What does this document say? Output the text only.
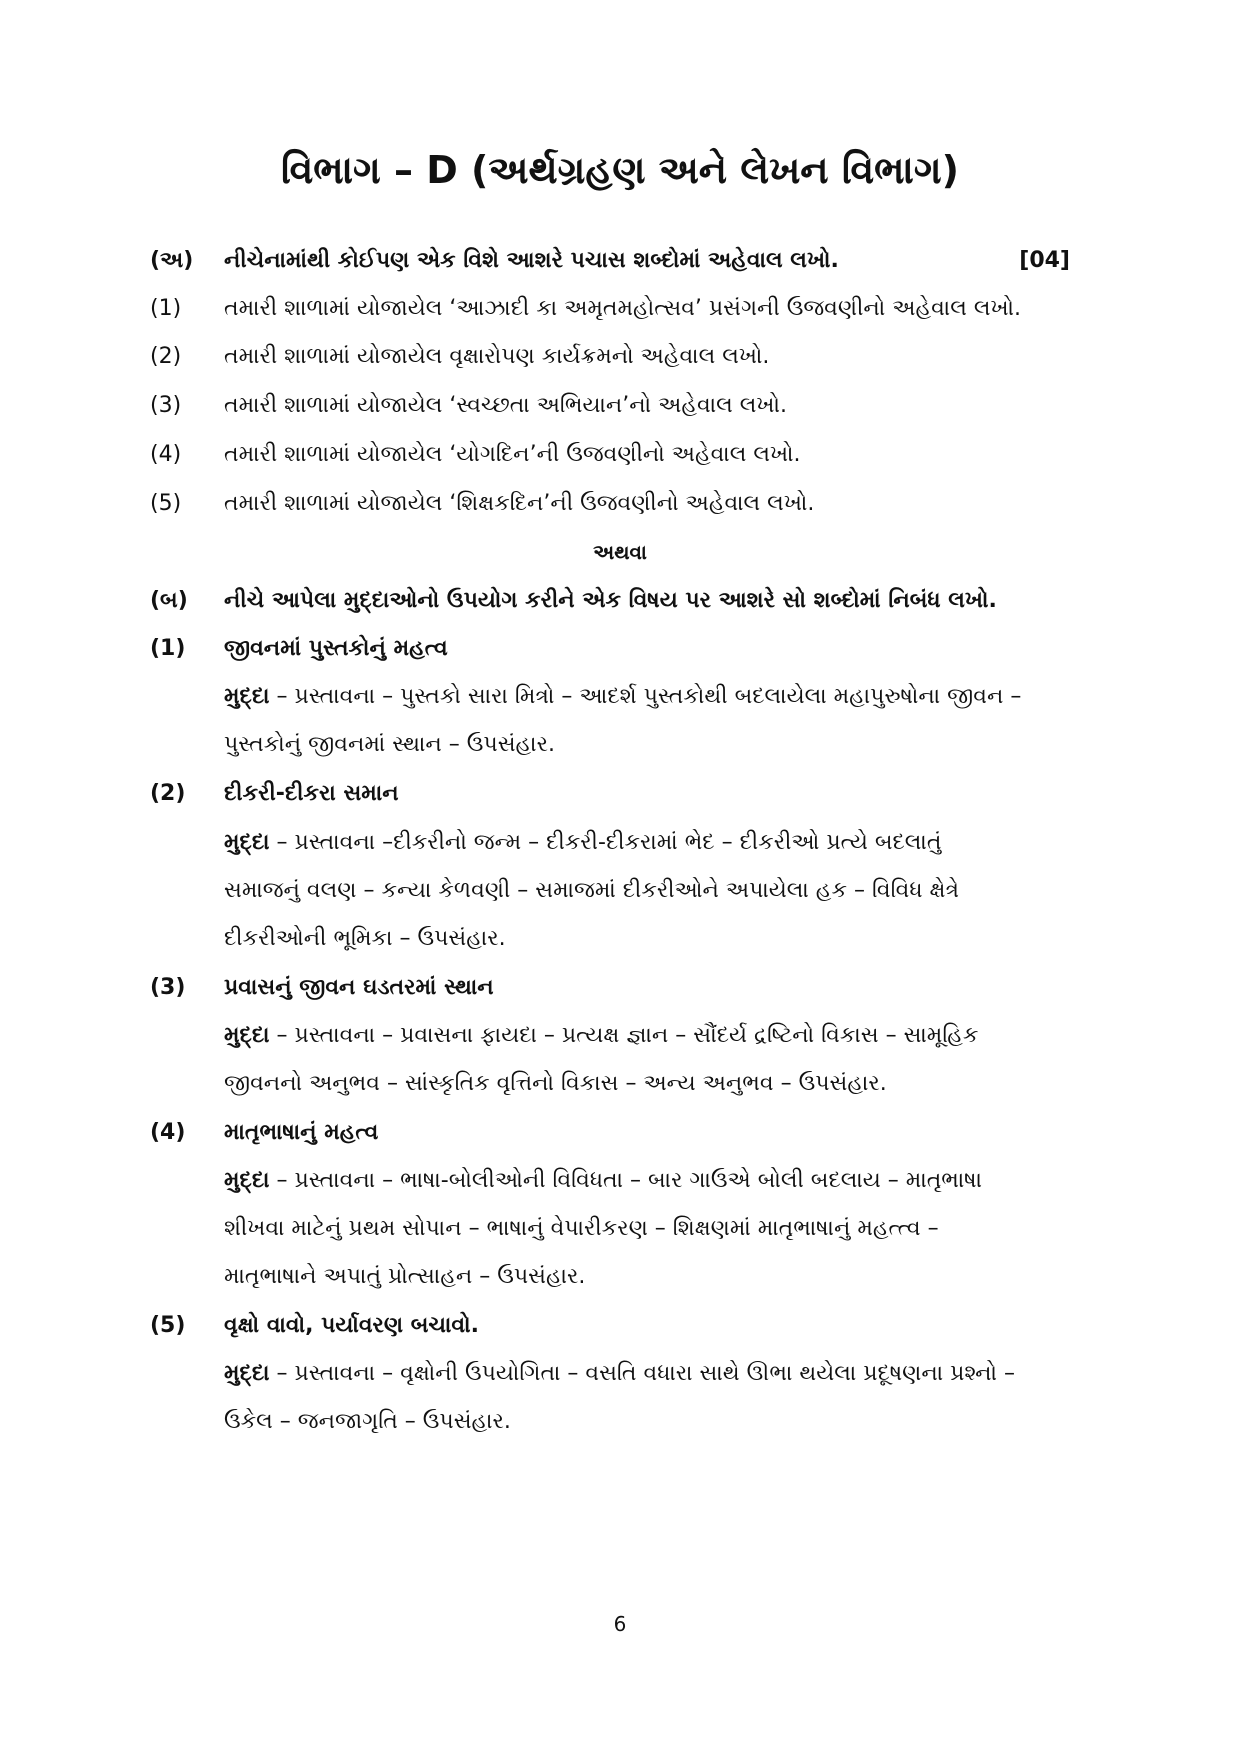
વિભાગ – D (અર્થગ્રહણ અને લેખન વિભાગ)
(અ)	નીચેનામાંથી કોઈપણ એક વિશે આશરે પચાસ શબ્દોમાં અહેવાલ લખો.	[04]
(1)	તમારી શાળામાં યોજાયેલ ‘આઝાદી કા અમૃતમહોત્સવ’ પ્રસંગની ઉજવણીનો અહેવાલ લખો.
(2)	તમારી શાળામાં યોજાયેલ વૃક્ષારોપણ કાર્યક્રમનો અહેવાલ લખો.
(3)	તમારી શાળામાં યોજાયેલ ‘સ્વચ્છતા અભિયાન’નો અહેવાલ લખો.
(4)	તમારી શાળામાં યોજાયેલ ‘યોગદિન’ની ઉજવણીનો અહેવાલ લખો.
(5)	તમારી શાળામાં યોજાયેલ ‘શિક્ષકદિન’ની ઉજવણીનો અહેવાલ લખો.
અથવા
(બ)	નીચે આપેલા મુદ્દાઓનો ઉપયોગ કરીને એક વિષય પર આશરે સો શબ્દોમાં નિબંધ લખો.
(1)	જીવનમાં પુસ્તકોનું મહત્વ
મુદ્દા – પ્રસ્તાવના – પુસ્તકો સારા મિત્રો – આદર્શ પુસ્તકોથી બદલાયેલા મહાપુરુષોના જીવન –
પુસ્તકોનું જીવનમાં સ્થાન – ઉપસંહાર.
(2)	દીકરી-દીકરા સમાન
મુદ્દા – પ્રસ્તાવના –દીકરીનો જન્મ – દીકરી-દીકરામાં ભેદ – દીકરીઓ પ્રત્યે બદલાતું
સમાજનું વલણ – કન્યા કેળવણી – સમાજમાં દીકરીઓને અપાયેલા હક – વિવિધ ક્ષેત્રે
દીકરીઓની ભૂમિકા – ઉપસંહાર.
(3)	પ્રવાસનું જીવન ઘડતરમાં સ્થાન
મુદ્દા – પ્રસ્તાવના – પ્રવાસના ફાયદા – પ્રત્યક્ષ જ્ઞાન – સૌંદર્ય દ્રષ્ટિનો વિકાસ – સામૂહિક
જીવનનો અનુભવ – સાંસ્કૃતિક વૃત્તિનો વિકાસ – અન્ય અનુભવ – ઉપસંહાર.
(4)	માતૃભાષાનું મહત્વ
મુદ્દા – પ્રસ્તાવના – ભાષા-બોલીઓની વિવિધતા – બાર ગાઉએ બોલી બદલાય – માતૃભાષા
શીખવા માટેનું પ્રથમ સોપાન – ભાષાનું વેપારીકરણ – શિક્ષણમાં માતૃભાષાનું મહત્ત્વ –
માતૃભાષાને અપાતું પ્રોત્સાહન – ઉપસંહાર.
(5)	વૃક્ષો વાવો, પર્યાવરણ બચાવો.
મુદ્દા – પ્રસ્તાવના – વૃક્ષોની ઉપયોગિતા – વસતિ વધારા સાથે ઊભા થયેલા પ્રદૂષણના પ્રશ્નો –
ઉકેલ – જનજાગૃતિ – ઉપસંહાર.
6
